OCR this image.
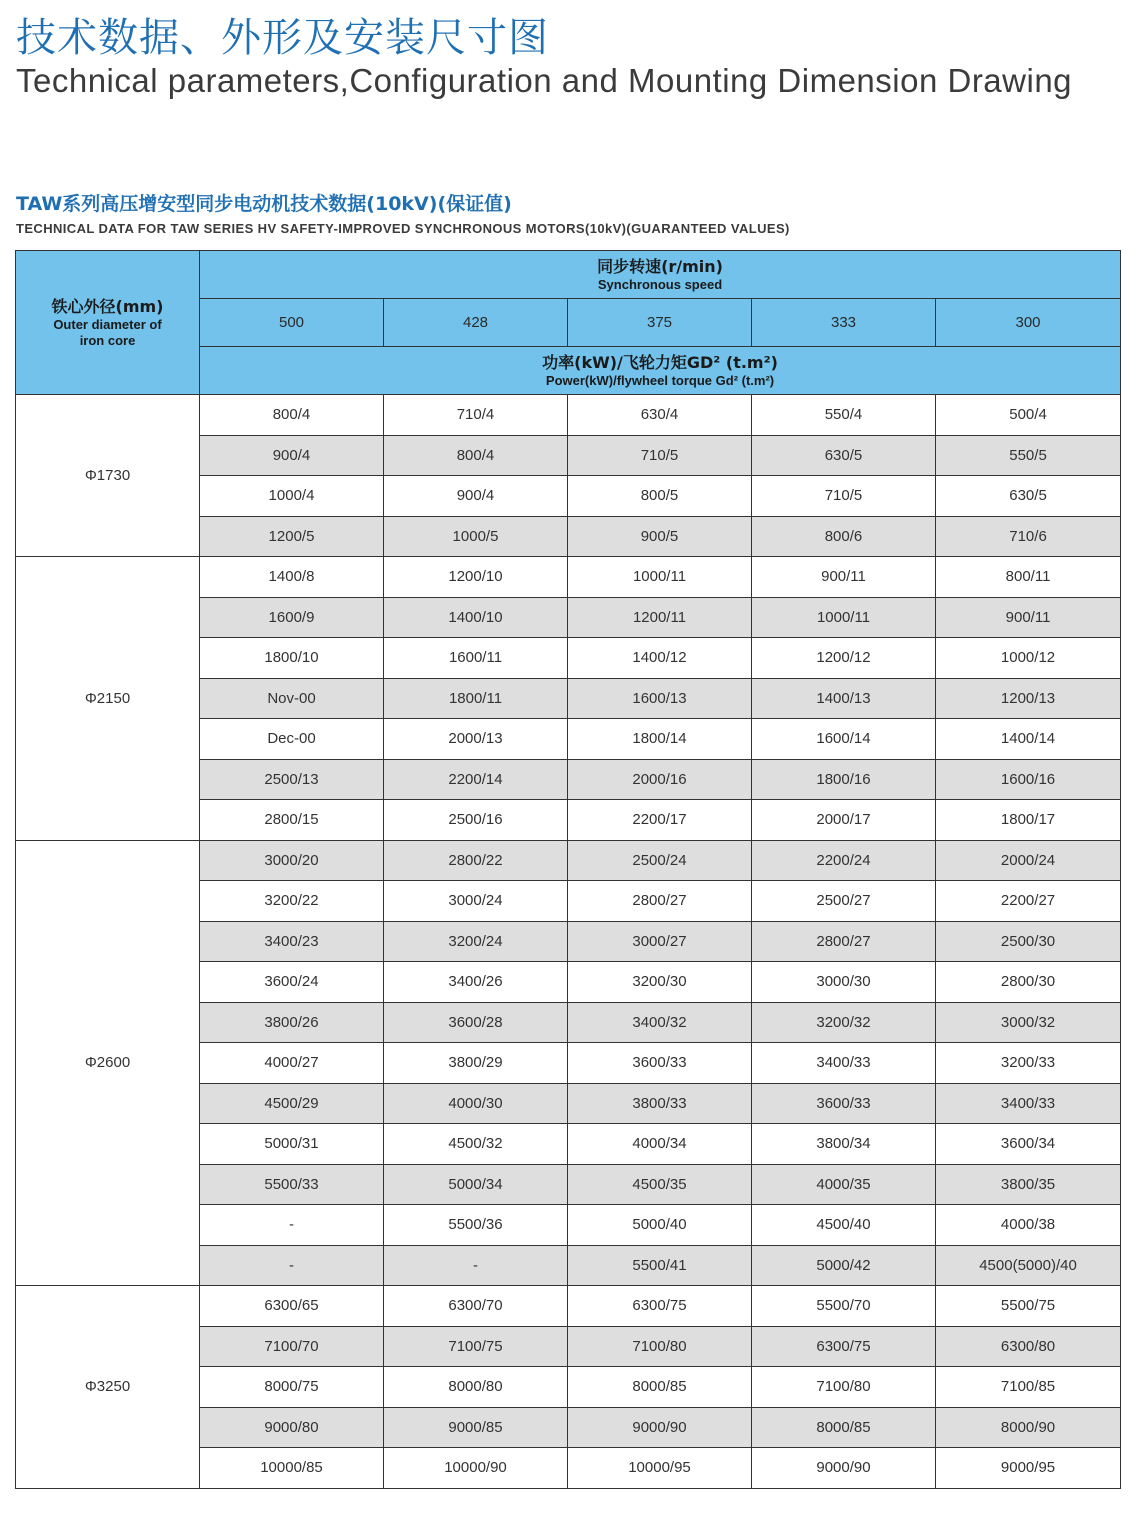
技术数据、外形及安装尺寸图
Technical parameters,Configuration and Mounting Dimension Drawing
TAW系列高压增安型同步电动机技术数据(10kV)(保证值)
TECHNICAL DATA FOR TAW SERIES HV SAFETY-IMPROVED SYNCHRONOUS MOTORS(10kV)(GUARANTEED VALUES)
铁心外径(mm)
Outer diameter of
iron core	同步转速(r/min)
Synchronous speed				

	500	428	375	333	300

	功率(kW)/飞轮力矩GD² (t.m²)
Power(kW)/flywheel torque Gd² (t.m²)				

Φ1730	800/4	710/4	630/4	550/4	500/4
	900/4	800/4	710/5	630/5	550/5
	1000/4	900/4	800/5	710/5	630/5
	1200/5	1000/5	900/5	800/6	710/6
Φ2150	1400/8	1200/10	1000/11	900/11	800/11
	1600/9	1400/10	1200/11	1000/11	900/11
	1800/10	1600/11	1400/12	1200/12	1000/12
	Nov-00	1800/11	1600/13	1400/13	1200/13
	Dec-00	2000/13	1800/14	1600/14	1400/14
	2500/13	2200/14	2000/16	1800/16	1600/16
	2800/15	2500/16	2200/17	2000/17	1800/17
Φ2600	3000/20	2800/22	2500/24	2200/24	2000/24
	3200/22	3000/24	2800/27	2500/27	2200/27
	3400/23	3200/24	3000/27	2800/27	2500/30
	3600/24	3400/26	3200/30	3000/30	2800/30
	3800/26	3600/28	3400/32	3200/32	3000/32
	4000/27	3800/29	3600/33	3400/33	3200/33
	4500/29	4000/30	3800/33	3600/33	3400/33
	5000/31	4500/32	4000/34	3800/34	3600/34
	5500/33	5000/34	4500/35	4000/35	3800/35
	-	5500/36	5000/40	4500/40	4000/38
	-	-	5500/41	5000/42	4500(5000)/40
Φ3250	6300/65	6300/70	6300/75	5500/70	5500/75
	7100/70	7100/75	7100/80	6300/75	6300/80
	8000/75	8000/80	8000/85	7100/80	7100/85
	9000/80	9000/85	9000/90	8000/85	8000/90
	10000/85	10000/90	10000/95	9000/90	9000/95
